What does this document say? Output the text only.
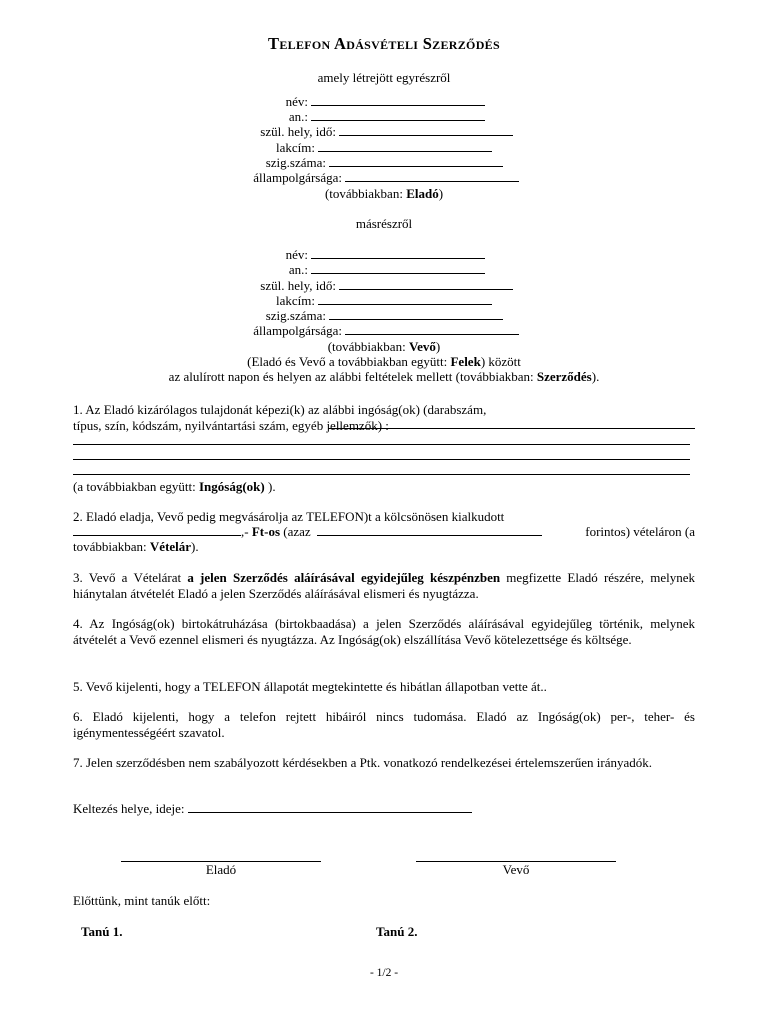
Telefon Adásvételi Szerződés
amely létrejött egyrészről
név:
an.:
szül. hely, idő:
lakcím:
szig.száma:
állampolgársága:
(továbbiakban: Eladó)
másrészről
név:
an.:
szül. hely, idő:
lakcím:
szig.száma:
állampolgársága:
(továbbiakban: Vevő)
(Eladó és Vevő a továbbiakban együtt: Felek) között
az alulírott napon és helyen az alábbi feltételek mellett (továbbiakban: Szerződés).
1. Az Eladó kizárólagos tulajdonát képezi(k) az alábbi ingóság(ok) (darabszám, típus, szín, kódszám, nyilvántartási szám, egyéb jellemzők) :
(a továbbiakban együtt: Ingóság(ok) ).
2. Eladó eladja, Vevő pedig megvásárolja az TELEFON)t a kölcsönösen kialkudott
,- Ft-os (azaz	forintos) vételáron (a
továbbiakban: Vételár).
3. Vevő a Vételárat a jelen Szerződés aláírásával egyidejűleg készpénzben megfizette Eladó részére, melynek hiánytalan átvételét Eladó a jelen Szerződés aláírásával elismeri és nyugtázza.
4. Az Ingóság(ok) birtokátruházása (birtokbaadása) a jelen Szerződés aláírásával egyidejűleg történik, melynek átvételét a Vevő ezennel elismeri és nyugtázza. Az Ingóság(ok) elszállítása Vevő kötelezettsége és költsége.
5. Vevő kijelenti, hogy a TELEFON állapotát megtekintette és hibátlan állapotban vette át..
6. Eladó kijelenti, hogy a telefon rejtett hibáiról nincs tudomása. Eladó az Ingóság(ok) per-, teher- és igénymentességéért szavatol.
7. Jelen szerződésben nem szabályozott kérdésekben a Ptk. vonatkozó rendelkezései értelemszerűen irányadók.
Keltezés helye, ideje:
Eladó	Vevő
Előttünk, mint tanúk előtt:
Tanú 1.	Tanú 2.
- 1/2 -
